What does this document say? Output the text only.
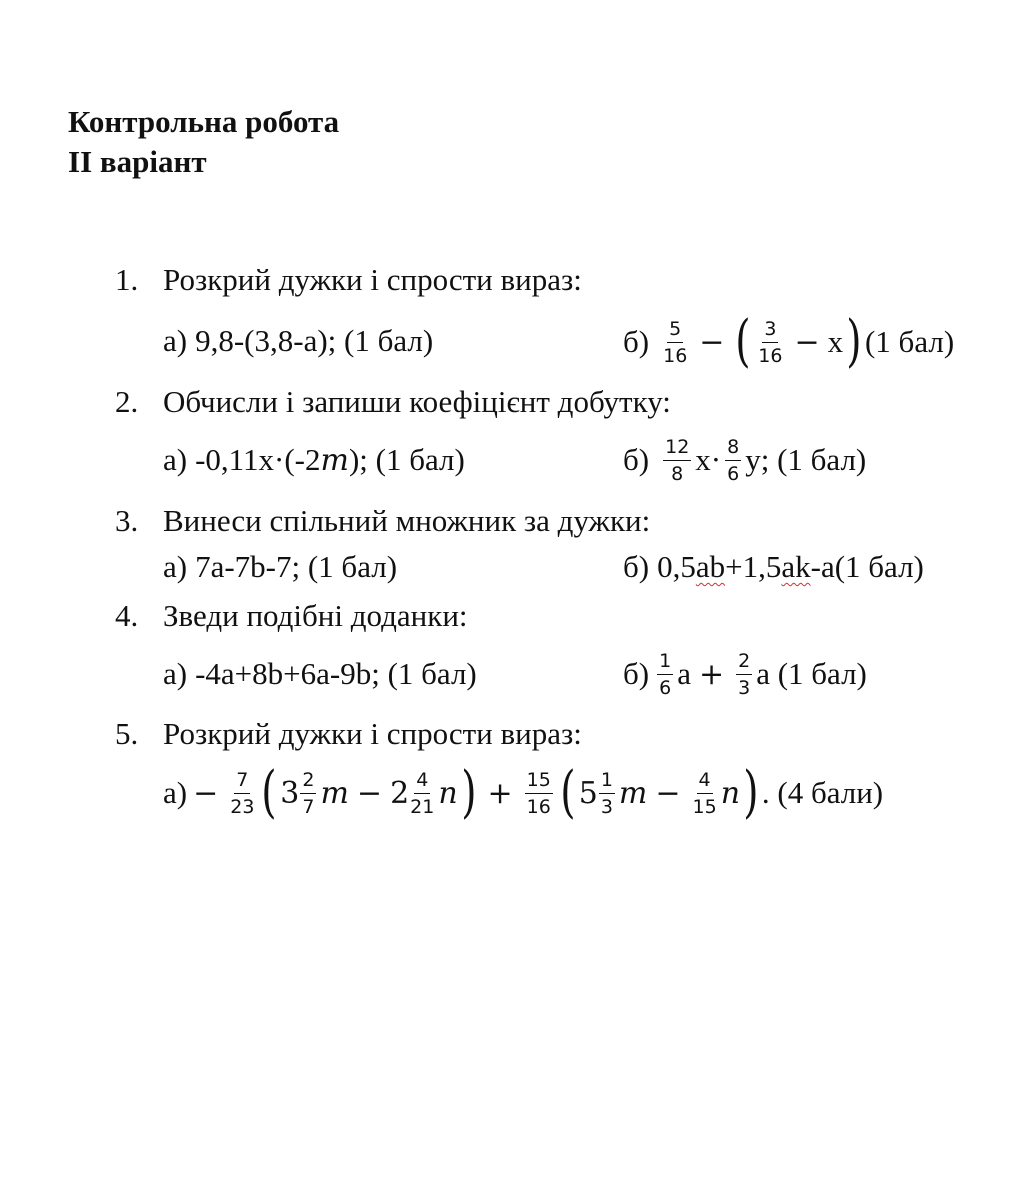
Контрольна робота
ІІ варіант
1. Розкрий дужки і спрости вираз:
а) 9,8-(3,8-a); (1 бал)	$б) \frac{5}{16}$ − ( $\frac{3}{16} - x$ ) (1 бал)
2. Обчисли і запиши коефіцієнт добутку:
а) -0,11x·(-2 m ); (1 бал)	$б) \frac{12}{8} x\cdot \frac{8}{6} y$; (1 бал)
3. Винеси спільний множник за дужки:
а) 7a-7b-7; (1 бал)	б) 0,5 ab +1,5 ak -a(1 бал)
4. Зведи подібні доданки:
а) -4a+8b+6a-9b; (1 бал)	$б) \frac{1}{6}$ $a + \frac{2}{3}$ a (1 бал)
5. Розкрий дужки і спрости вираз:
$а) - \frac{7}{23}$ ( $3 \frac{2}{7}$ $m - 2 \frac{4}{21}$ n ) + $\frac{15}{16}$ ( $5 \frac{1}{3}$ $m - \frac{4}{15}$ n ) . (4 бали)
